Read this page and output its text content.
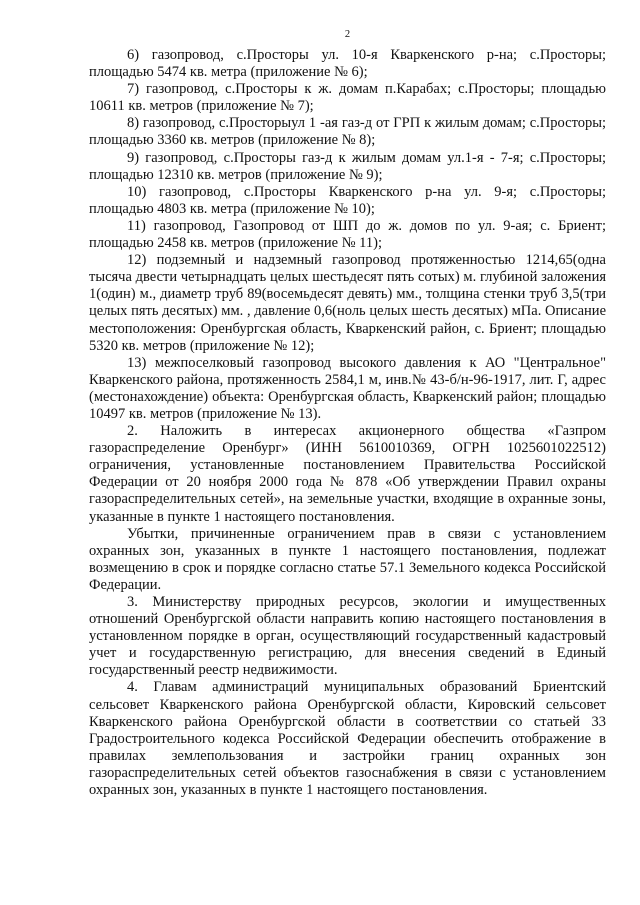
2

6) газопровод, с.Просторы ул. 10-я Кваркенского р-на; с.Просторы; площадью 5474 кв. метра (приложение № 6);

7) газопровод, с.Просторы к ж. домам п.Карабах; с.Просторы; площадью 10611 кв. метров (приложение № 7);

8) газопровод, с.Просторыул 1 -ая газ-д от ГРП к жилым домам; с.Просторы; площадью 3360 кв. метров (приложение № 8);

9) газопровод, с.Просторы газ-д к жилым домам ул.1-я - 7-я; с.Просторы; площадью 12310 кв. метров (приложение № 9);

10) газопровод, с.Просторы Кваркенского р-на ул. 9-я; с.Просторы; площадью 4803 кв. метра (приложение № 10);

11) газопровод, Газопровод от ШП до ж. домов по ул. 9-ая; с. Бриент; площадью 2458 кв. метров (приложение № 11);

12) подземный и надземный газопровод протяженностью 1214,65(одна тысяча двести четырнадцать целых шестьдесят пять сотых) м. глубиной заложения 1(один) м., диаметр труб 89(восемьдесят девять) мм., толщина стенки труб 3,5(три целых пять десятых) мм. , давление 0,6(ноль целых шесть десятых) мПа. Описание местоположения: Оренбургская область, Кваркенский район, с. Бриент; площадью 5320 кв. метров (приложение № 12);

13) межпоселковый газопровод высокого давления к АО "Центральное" Кваркенского района, протяженность 2584,1 м, инв.№ 43-б/н-96-1917, лит. Г, адрес (местонахождение) объекта: Оренбургская область, Кваркенский район; площадью 10497 кв. метров (приложение № 13).

2. Наложить в интересах акционерного общества «Газпром газораспределение Оренбург» (ИНН 5610010369, ОГРН 1025601022512) ограничения, установленные постановлением Правительства Российской Федерации от 20 ноября 2000 года № 878 «Об утверждении Правил охраны газораспределительных сетей», на земельные участки, входящие в охранные зоны, указанные в пункте 1 настоящего постановления.

Убытки, причиненные ограничением прав в связи с установлением охранных зон, указанных в пункте 1 настоящего постановления, подлежат возмещению в срок и порядке согласно статье 57.1 Земельного кодекса Российской Федерации.

3. Министерству природных ресурсов, экологии и имущественных отношений Оренбургской области направить копию настоящего постановления в установленном порядке в орган, осуществляющий государственный кадастровый учет и государственную регистрацию, для внесения сведений в Единый государственный реестр недвижимости.

4. Главам администраций муниципальных образований Бриентский сельсовет Кваркенского района Оренбургской области, Кировский сельсовет Кваркенского района Оренбургской области в соответствии со статьей 33 Градостроительного кодекса Российской Федерации обеспечить отображение в правилах землепользования и застройки границ охранных зон газораспределительных сетей объектов газоснабжения в связи с установлением охранных зон, указанных в пункте 1 настоящего постановления.
